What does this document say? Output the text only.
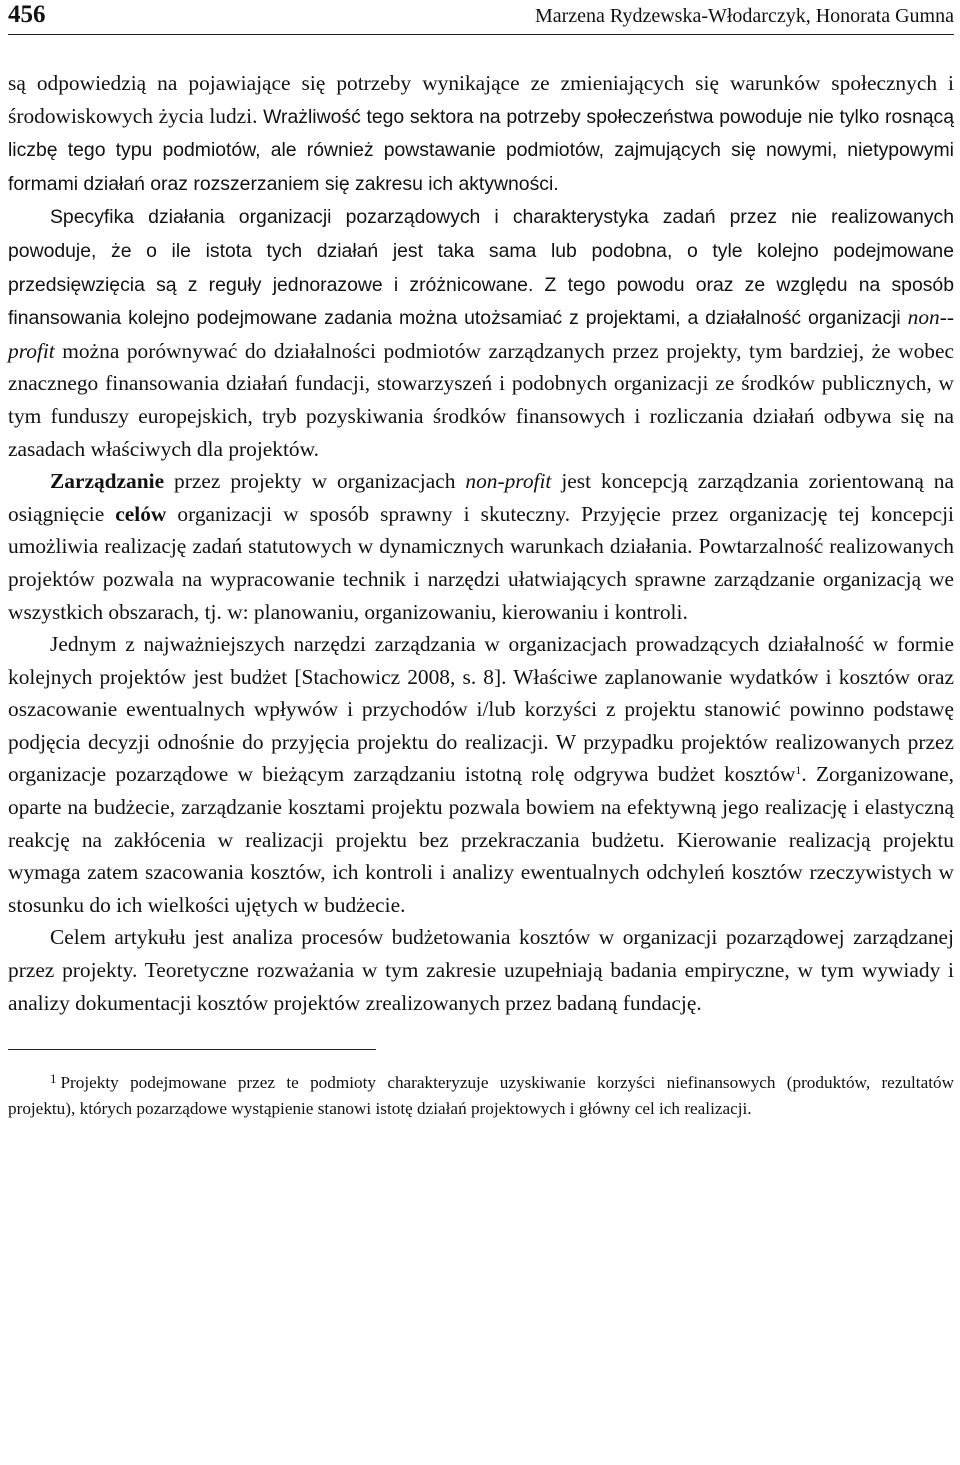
456	Marzena Rydzewska-Włodarczyk, Honorata Gumna

są odpowiedzią na pojawiające się potrzeby wynikające ze zmieniających się warunków społecznych i środowiskowych życia ludzi. Wrażliwość tego sektora na potrzeby społeczeństwa powoduje nie tylko rosnącą liczbę tego typu podmiotów, ale również powstawanie podmiotów, zajmujących się nowymi, nietypowymi formami działań oraz rozszerzaniem się zakresu ich aktywności.

Specyfika działania organizacji pozarządowych i charakterystyka zadań przez nie realizowanych powoduje, że o ile istota tych działań jest taka sama lub podobna, o tyle kolejno podejmowane przedsięwzięcia są z reguły jednorazowe i zróżnicowane. Z tego powodu oraz ze względu na sposób finansowania kolejno podejmowane zadania można utożsamiać z projektami, a działalność organizacji non--profit można porównywać do działalności podmiotów zarządzanych przez projekty, tym bardziej, że wobec znacznego finansowania działań fundacji, stowarzyszeń i podobnych organizacji ze środków publicznych, w tym funduszy europejskich, tryb pozyskiwania środków finansowych i rozliczania działań odbywa się na zasadach właściwych dla projektów.

Zarządzanie przez projekty w organizacjach non-profit jest koncepcją zarządzania zorientowaną na osiągnięcie celów organizacji w sposób sprawny i skuteczny. Przyjęcie przez organizację tej koncepcji umożliwia realizację zadań statutowych w dynamicznych warunkach działania. Powtarzalność realizowanych projektów pozwala na wypracowanie technik i narzędzi ułatwiających sprawne zarządzanie organizacją we wszystkich obszarach, tj. w: planowaniu, organizowaniu, kierowaniu i kontroli.

Jednym z najważniejszych narzędzi zarządzania w organizacjach prowadzących działalność w formie kolejnych projektów jest budżet [Stachowicz 2008, s. 8]. Właściwe zaplanowanie wydatków i kosztów oraz oszacowanie ewentualnych wpływów i przychodów i/lub korzyści z projektu stanowić powinno podstawę podjęcia decyzji odnośnie do przyjęcia projektu do realizacji. W przypadku projektów realizowanych przez organizacje pozarządowe w bieżącym zarządzaniu istotną rolę odgrywa budżet kosztów$^1$. Zorganizowane, oparte na budżecie, zarządzanie kosztami projektu pozwala bowiem na efektywną jego realizację i elastyczną reakcję na zakłócenia w realizacji projektu bez przekraczania budżetu. Kierowanie realizacją projektu wymaga zatem szacowania kosztów, ich kontroli i analizy ewentualnych odchyleń kosztów rzeczywistych w stosunku do ich wielkości ujętych w budżecie.

Celem artykułu jest analiza procesów budżetowania kosztów w organizacji pozarządowej zarządzanej przez projekty. Teoretyczne rozważania w tym zakresie uzupełniają badania empiryczne, w tym wywiady i analizy dokumentacji kosztów projektów zrealizowanych przez badaną fundację.

1 Projekty podejmowane przez te podmioty charakteryzuje uzyskiwanie korzyści niefinansowych (produktów, rezultatów projektu), których pozarządowe wystąpienie stanowi istotę działań projektowych i główny cel ich realizacji.
